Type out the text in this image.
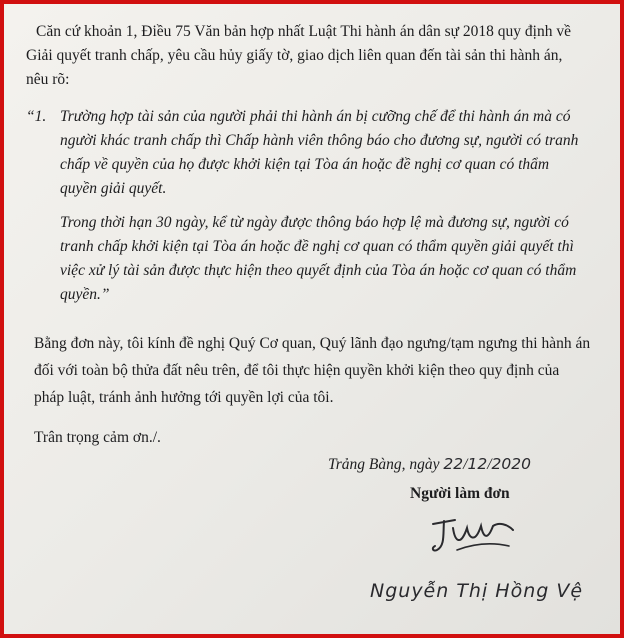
Căn cứ khoản 1, Điều 75 Văn bản hợp nhất Luật Thi hành án dân sự 2018 quy định về
Giải quyết tranh chấp, yêu cầu hủy giấy tờ, giao dịch liên quan đến tài sản thi hành án,
nêu rõ:
“1. Trường hợp tài sản của người phải thi hành án bị cưỡng chế để thi hành án mà có
người khác tranh chấp thì Chấp hành viên thông báo cho đương sự, người có tranh
chấp về quyền của họ được khởi kiện tại Tòa án hoặc đề nghị cơ quan có thẩm
quyền giải quyết.
Trong thời hạn 30 ngày, kể từ ngày được thông báo hợp lệ mà đương sự, người có
tranh chấp khởi kiện tại Tòa án hoặc đề nghị cơ quan có thẩm quyền giải quyết thì
việc xử lý tài sản được thực hiện theo quyết định của Tòa án hoặc cơ quan có thẩm
quyền.”
Bằng đơn này, tôi kính đề nghị Quý Cơ quan, Quý lãnh đạo ngưng/tạm ngưng thi hành án
đối với toàn bộ thửa đất nêu trên, để tôi thực hiện quyền khởi kiện theo quy định của
pháp luật, tránh ảnh hưởng tới quyền lợi của tôi.
Trân trọng cảm ơn./.
Trảng Bàng, ngày 22/12/2020
Người làm đơn
Nguyễn Thị Hồng Vệ
